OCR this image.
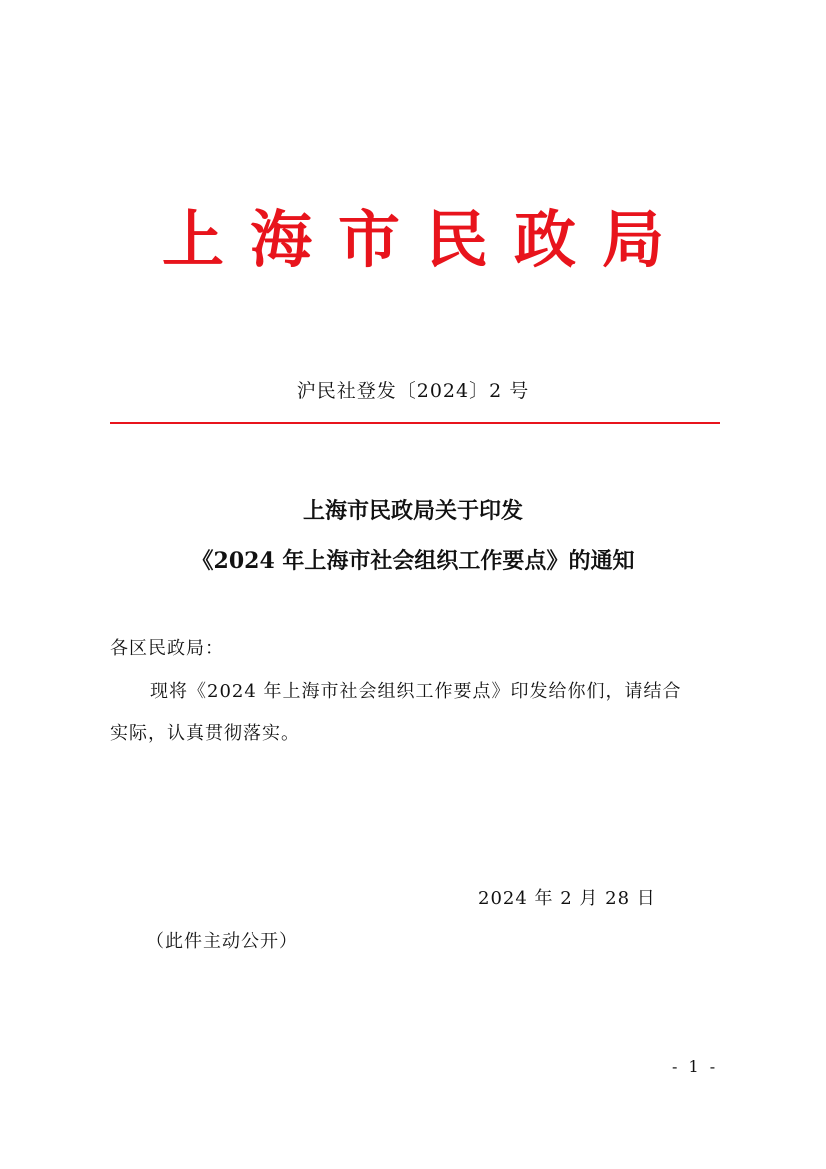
上海市民政局
沪民社登发〔2024〕2 号
上海市民政局关于印发
《2024 年上海市社会组织工作要点》的通知
各区民政局：
现将《2024 年上海市社会组织工作要点》印发给你们，请结合
实际，认真贯彻落实。
2024 年 2 月 28 日
（此件主动公开）
- 1 -
